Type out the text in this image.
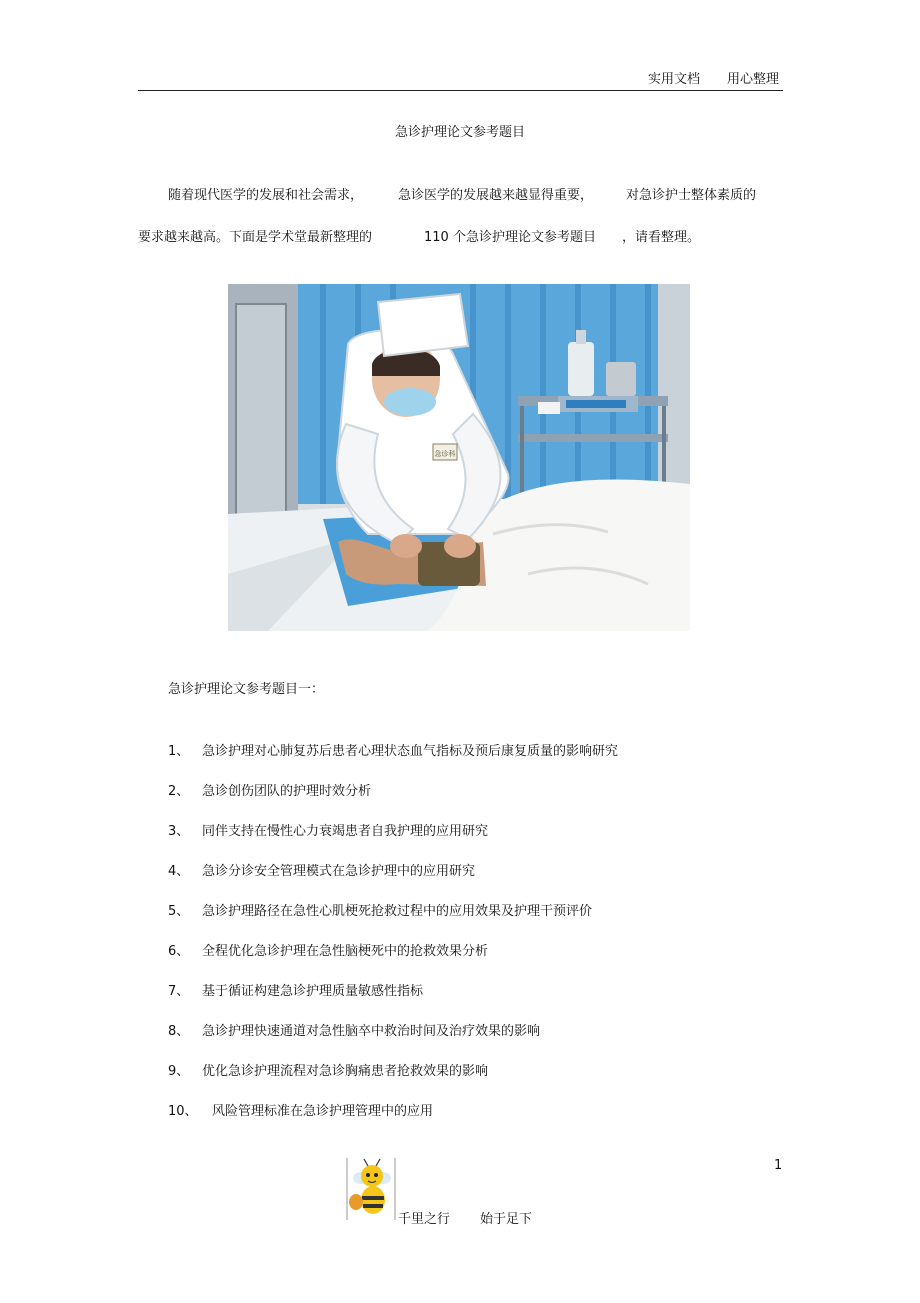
实用文档 用心整理
急诊护理论文参考题目
随着现代医学的发展和社会需求，	急诊医学的发展越来越显得重要，	对急诊护士整体素质的
要求越来越高。下面是学术堂最新整理的	110 个急诊护理论文参考题目 ，请看整理。
急诊科
急诊护理论文参考题目一：
1、 急诊护理对心肺复苏后患者心理状态血气指标及预后康复质量的影响研究
2、 急诊创伤团队的护理时效分析
3、 同伴支持在慢性心力衰竭患者自我护理的应用研究
4、 急诊分诊安全管理模式在急诊护理中的应用研究
5、 急诊护理路径在急性心肌梗死抢救过程中的应用效果及护理干预评价
6、 全程优化急诊护理在急性脑梗死中的抢救效果分析
7、 基于循证构建急诊护理质量敏感性指标
8、 急诊护理快速通道对急性脑卒中救治时间及治疗效果的影响
9、 优化急诊护理流程对急诊胸痛患者抢救效果的影响
10、 风险管理标准在急诊护理管理中的应用
1
千里之行 始于足下
